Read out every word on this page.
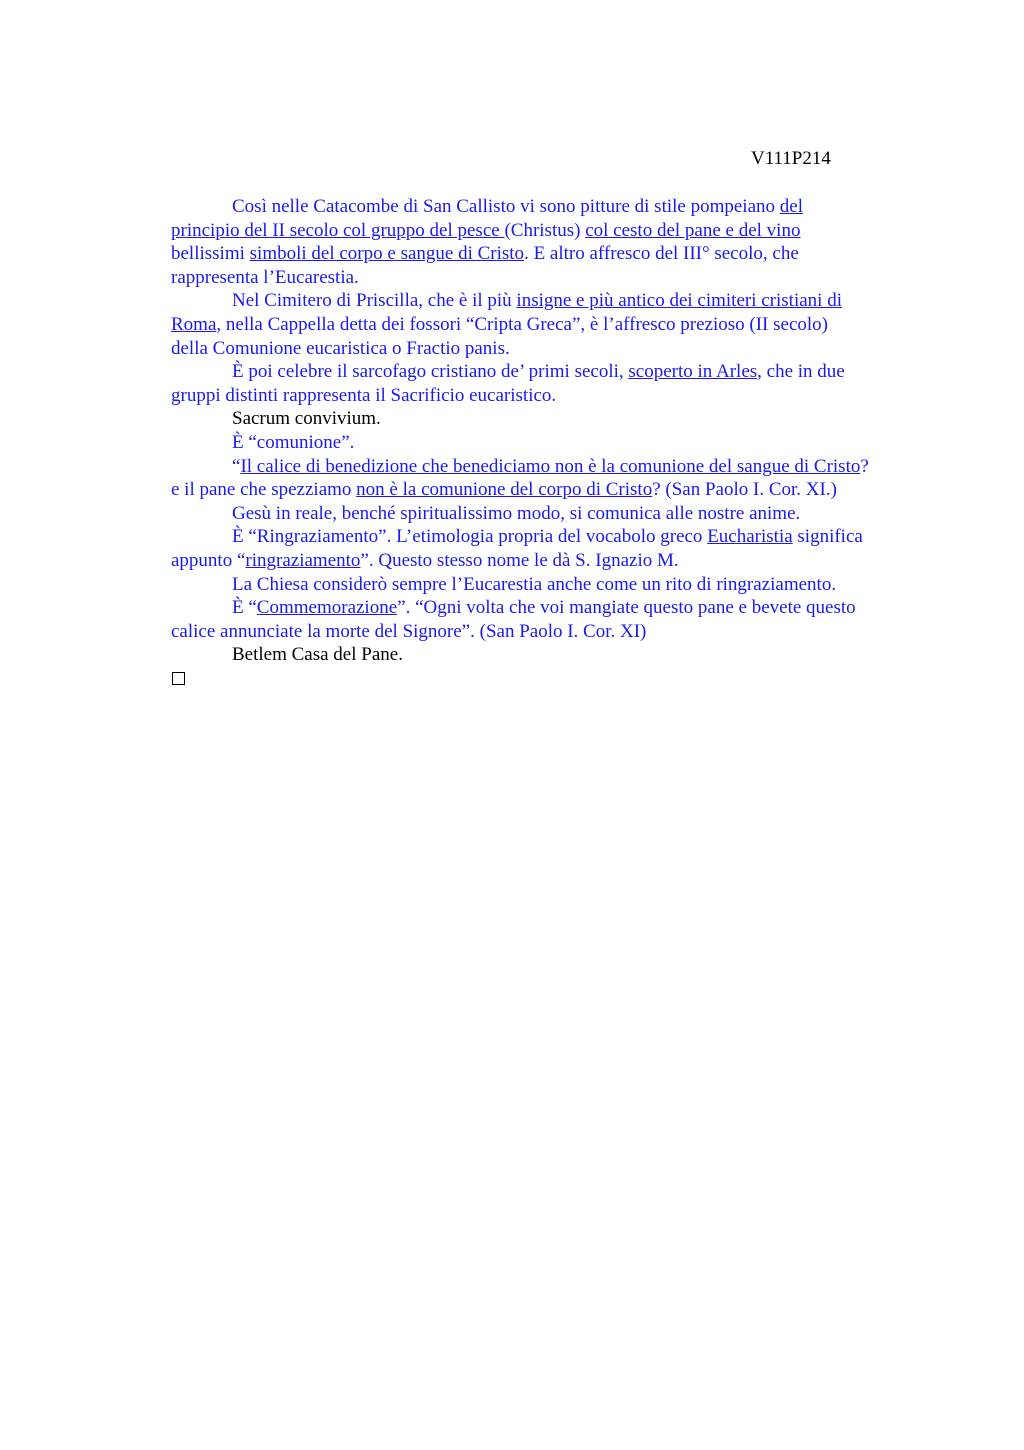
V111P214

Così nelle Catacombe di San Callisto vi sono pitture di stile pompeiano del
principio del II secolo col gruppo del pesce (Christus) col cesto del pane e del vino
bellissimi simboli del corpo e sangue di Cristo. E altro affresco del III° secolo, che
rappresenta l’Eucarestia.

Nel Cimitero di Priscilla, che è il più insigne e più antico dei cimiteri cristiani di
Roma, nella Cappella detta dei fossori “Cripta Greca”, è l’affresco prezioso (II secolo)
della Comunione eucaristica o Fractio panis.

È poi celebre il sarcofago cristiano de’ primi secoli, scoperto in Arles, che in due
gruppi distinti rappresenta il Sacrificio eucaristico.

Sacrum convivium.

È “comunione”.

“Il calice di benedizione che benediciamo non è la comunione del sangue di Cristo?
e il pane che spezziamo non è la comunione del corpo di Cristo? (San Paolo I. Cor. XI.)

Gesù in reale, benché spiritualissimo modo, si comunica alle nostre anime.

È “Ringraziamento”. L’etimologia propria del vocabolo greco Eucharistia significa
appunto “ringraziamento”. Questo stesso nome le dà S. Ignazio M.

La Chiesa considerò sempre l’Eucarestia anche come un rito di ringraziamento.

È “Commemorazione”. “Ogni volta che voi mangiate questo pane e bevete questo
calice annunciate la morte del Signore”. (San Paolo I. Cor. XI)

Betlem Casa del Pane.
